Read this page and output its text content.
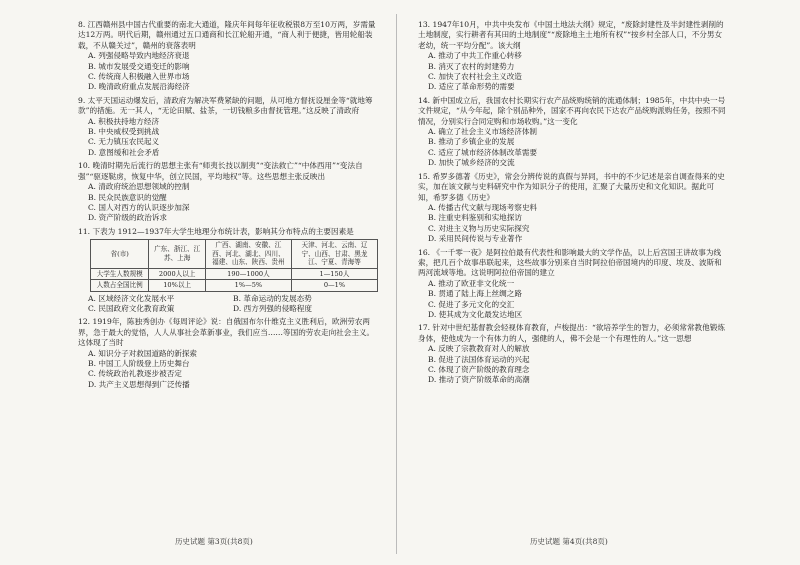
8. 江西赣州县中国古代重要的南北大通道，隆庆年间每年征收税银8万至10万两，岁需量达12万两。明代后期，赣州通过五口通商和长江轮船开通，“商人利于便捷，皆用轮船装载，不从赣关过”，赣州的衰落表明
A. 列强侵略导致内地经济衰退
B. 城市发展受交通变迁的影响
C. 传统商人积极融入世界市场
D. 晚清政府重点发展沿海经济
9. 太平天国运动爆发后，清政府为解决军费紧缺的问题，从可地方督抚设厘金等“就地筹款”的措施。无一其人，“无论田赋、盐茶，一切钱粮多由督抚管理。”这反映了清政府
A. 积极扶持地方经济
B. 中央威权受到挑战
C. 无力镇压农民起义
D. 意图缓和社会矛盾
10. 晚清时期先后流行的思想主张有“师夷长技以制夷”“变法救亡”“中体西用”“变法自强”“驱逐鞑虏，恢复中华，创立民国，平均地权”等。这些思想主张反映出
A. 清政府统治思想领域的控制
B. 民众民族意识的觉醒
C. 国人对西方的认识逐步加深
D. 资产阶级的政治诉求
11. 下表为 1912—1937年大学生地理分布统计表，影响其分布特点的主要因素是
省(市)	广东、浙江、江苏、上海	广西、湖南、安徽、江西、河北、湖北、四川、福建、山东、陕西、贵州	天津、河北、云南、辽宁、山西、甘肃、黑龙江、宁夏、青海等
大学生人数规模	2000人以上	190—1000人	1—150人
人数占全国比例	10%以上	1%—5%	0—1%
A. 区域经济文化发展水平	B. 革命运动的发展态势
C. 民国政府文化教育政策	D. 西方列强的侵略程度
12. 1919年，陈独秀创办《每周评论》说：自俄国布尔什维克主义胜利后，欧洲劳农两界，急于最大的觉悟，人人从事社会革新事业，我们应当……等国的劳农走向社会主义。这体现了当时
A. 知识分子对救国道路的新探索
B. 中国工人阶级登上历史舞台
C. 传统政治礼教逐步被否定
D. 共产主义思想得到广泛传播
历史试题 第3页(共8页)
13. 1947年10月，中共中央发布《中国土地法大纲》规定，“废除封建性及半封建性剥削的土地制度，实行耕者有其田的土地制度”“废除地主土地所有权”“按乡村全部人口，不分男女老幼，统一平均分配”。该大纲
A. 推动了中共工作重心转移
B. 消灭了农村的封建势力
C. 加快了农村社会主义改造
D. 适应了革命形势的需要
14. 新中国成立后，我国农村长期实行农产品统购统销的流通体制；1985年，中共中央一号文件规定，“从今年起，除个别品种外，国家不再向农民下达农产品统购派购任务，按照不同情况，分别实行合同定购和市场收购。”这一变化
A. 确立了社会主义市场经济体制
B. 推动了乡镇企业的发展
C. 适应了城市经济体制改革需要
D. 加快了城乡经济的交流
15. 希罗多德著《历史》，常会分辨传说的真假与异同，书中的不少记述是亲自调查得来的史实，加在该文献与史料研究中作为知识分子的使用，汇聚了大量历史和文化知识。据此可知，希罗多德《历史》
A. 传播古代文献与现场考察史料
B. 注重史料鉴别和实地探访
C. 对进主义物与历史实际探究
D. 采用民间传说与专业著作
16. 《一千零一夜》是阿拉伯最有代表性和影响最大的文学作品，以上后宫国王讲故事为线索，把几百个故事串联起来，这些故事分别来自当时阿拉伯帝国境内的印度、埃及、波斯和两河流域等地。这说明阿拉伯帝国的建立
A. 推动了欧亚非文化统一
B. 贯通了陆上海上丝绸之路
C. 促进了多元文化的交汇
D. 使其成为文化最发达地区
17. 针对中世纪基督教会轻视体育教育，卢梭提出：“欲培养学生的智力，必须常常教他锻炼身体，使他成为一个有体力的人，强健的人，佛不会是一个有理性的人。”这一思想
A. 反映了宗教教育对人的解放
B. 促进了法国体育运动的兴起
C. 体现了资产阶级的教育理念
D. 推动了资产阶级革命的高潮
历史试题 第4页(共8页)
